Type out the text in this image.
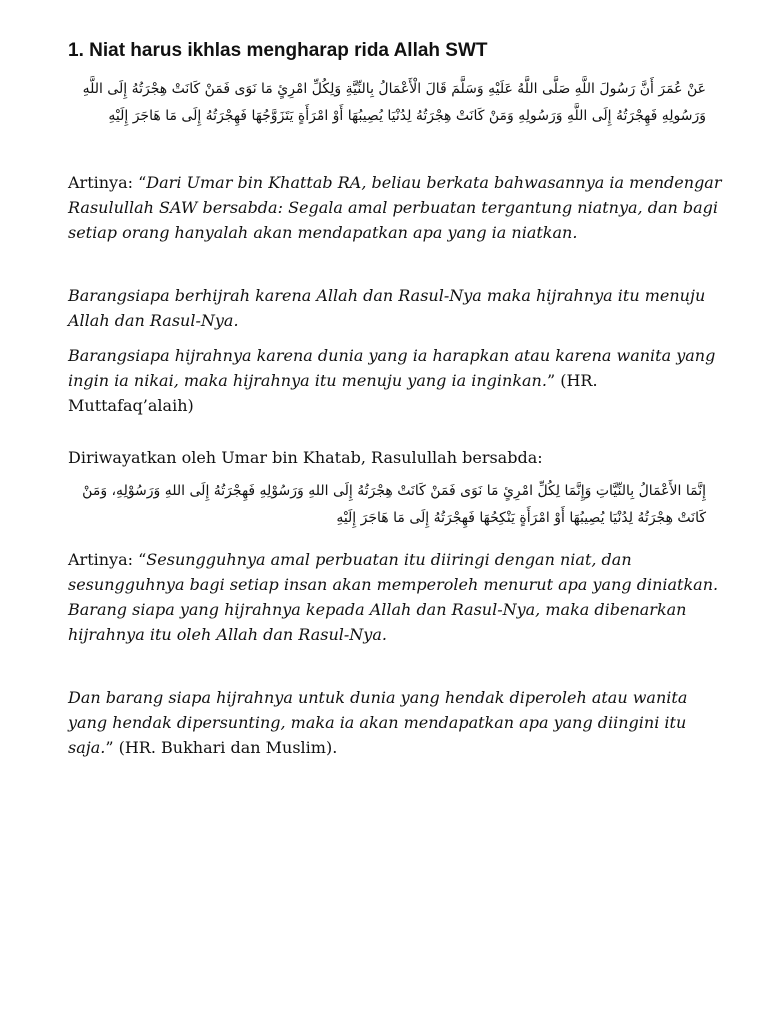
1. Niat harus ikhlas mengharap rida Allah SWT

عَنْ عُمَرَ أَنَّ رَسُولَ اللَّهِ صَلَّى اللَّهُ عَلَيْهِ وَسَلَّمَ قَالَ الْأَعْمَالُ بِالنِّيَّةِ وَلِكُلِّ امْرِئٍ مَا نَوَى فَمَنْ كَانَتْ هِجْرَتُهُ إِلَى اللَّهِ وَرَسُولِهِ فَهِجْرَتُهُ إِلَى اللَّهِ وَرَسُولِهِ وَمَنْ كَانَتْ هِجْرَتُهُ لِدُنْيَا يُصِيبُهَا أَوْ امْرَأَةٍ يَتَزَوَّجُهَا فَهِجْرَتُهُ إِلَى مَا هَاجَرَ إِلَيْهِ

Artinya: “Dari Umar bin Khattab RA, beliau berkata bahwasannya ia mendengar Rasulullah SAW bersabda: Segala amal perbuatan tergantung niatnya, dan bagi setiap orang hanyalah akan mendapatkan apa yang ia niatkan.

Barangsiapa berhijrah karena Allah dan Rasul-Nya maka hijrahnya itu menuju Allah dan Rasul-Nya.

Barangsiapa hijrahnya karena dunia yang ia harapkan atau karena wanita yang ingin ia nikai, maka hijrahnya itu menuju yang ia inginkan.” (HR. Muttafaq’alaih)

Diriwayatkan oleh Umar bin Khatab, Rasulullah bersabda:

إِنَّمَا الأَعْمَالُ بِالنِّيَّاتِ وَإِنَّمَا لِكُلِّ امْرِئٍ مَا نَوَى فَمَنْ كَانَتْ هِجْرَتُهُ إِلَى اللهِ وَرَسُوْلِهِ فَهِجْرَتُهُ إِلَى اللهِ وَرَسُوْلِهِ، وَمَنْ كَانَتْ هِجْرَتُهُ لِدُنْيَا يُصِيبُهَا أَوْ امْرَأَةٍ يَنْكِحُهَا فَهِجْرَتُهُ إِلَى مَا هَاجَرَ إِلَيْهِ

Artinya: “Sesungguhnya amal perbuatan itu diiringi dengan niat, dan sesungguhnya bagi setiap insan akan memperoleh menurut apa yang diniatkan. Barang siapa yang hijrahnya kepada Allah dan Rasul-Nya, maka dibenarkan hijrahnya itu oleh Allah dan Rasul-Nya.

Dan barang siapa hijrahnya untuk dunia yang hendak diperoleh atau wanita yang hendak dipersunting, maka ia akan mendapatkan apa yang diingini itu saja.” (HR. Bukhari dan Muslim).
